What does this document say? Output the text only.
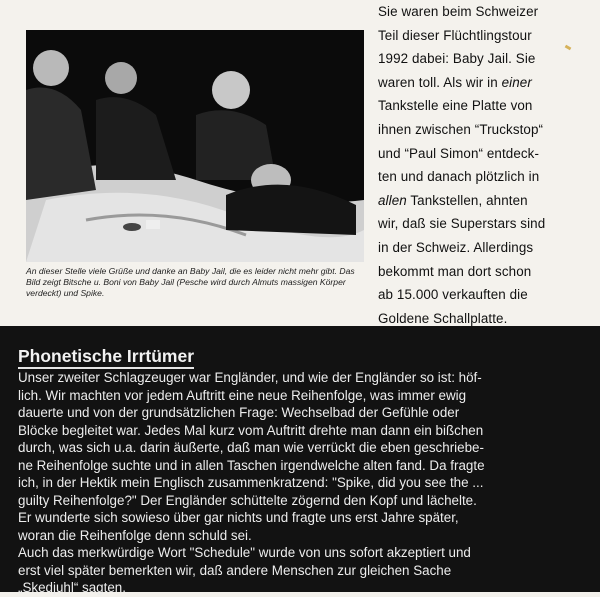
An dieser Stelle viele Grüße und danke an Baby Jail, die es leider nicht mehr gibt. Das Bild zeigt Bitsche u. Boni von Baby Jail (Pesche wird durch Almuts massigen Körper verdeckt) und Spike.
Sie waren beim Schweizer
Teil dieser Flüchtlingstour
1992 dabei: Baby Jail. Sie
waren toll. Als wir in einer
Tankstelle eine Platte von
ihnen zwischen “Truckstop“
und “Paul Simon“ entdeck-
ten und danach plötzlich in
allen Tankstellen, ahnten
wir, daß sie Superstars sind
in der Schweiz. Allerdings
bekommt man dort schon
ab 15.000 verkauften die
Goldene Schallplatte.
Phonetische Irrtümer
Unser zweiter Schlagzeuger war Engländer, und wie der Engländer so ist: höf-
lich. Wir machten vor jedem Auftritt eine neue Reihenfolge, was immer ewig
dauerte und von der grundsätzlichen Frage: Wechselbad der Gefühle oder
Blöcke begleitet war. Jedes Mal kurz vom Auftritt drehte man dann ein bißchen
durch, was sich u.a. darin äußerte, daß man wie verrückt die eben geschriebe-
ne Reihenfolge suchte und in allen Taschen irgendwelche alten fand. Da fragte
ich, in der Hektik mein Englisch zusammenkratzend: "Spike, did you see the ...
guilty Reihenfolge?" Der Engländer schüttelte zögernd den Kopf und lächelte.
Er wunderte sich sowieso über gar nichts und fragte uns erst Jahre später,
woran die Reihenfolge denn schuld sei.
Auch das merkwürdige Wort "Schedule" wurde von uns sofort akzeptiert und
erst viel später bemerkten wir, daß andere Menschen zur gleichen Sache
„Skedjuhl“ sagten.
